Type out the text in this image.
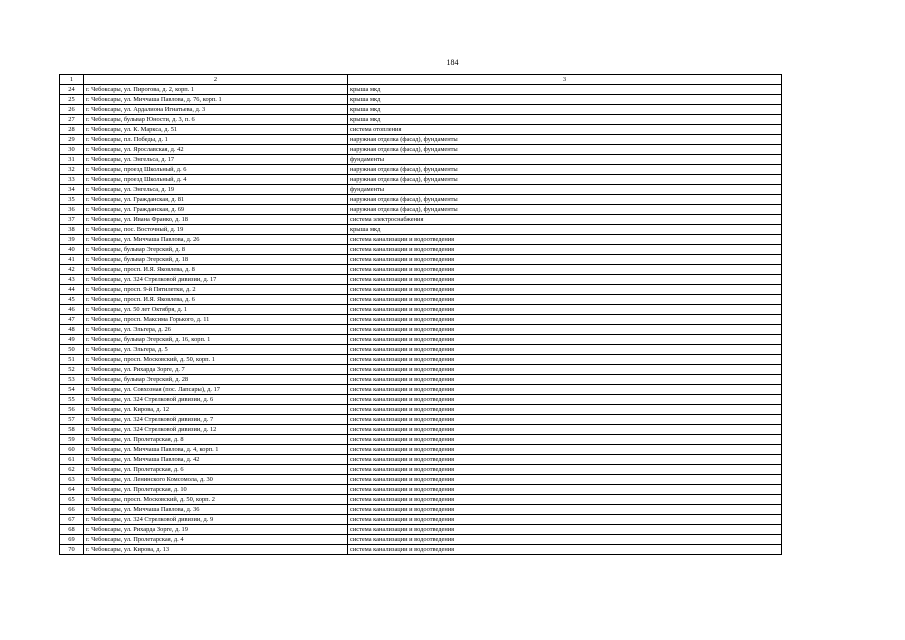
184
1	2	3
24	г. Чебоксары, ул. Пирогова, д. 2, корп. 1	крыша мкд
25	г. Чебоксары, ул. Миччаша Павлова, д. 76, корп. 1	крыша мкд
26	г. Чебоксары, ул. Ардалиона Игнатьева, д. 3	крыша мкд
27	г. Чебоксары, бульвар Юности, д. 3, п. 6	крыша мкд
28	г. Чебоксары, ул. К. Маркса, д. 51	система отопления
29	г. Чебоксары, пл. Победы, д. 1	наружная отделка (фасад), фундаменты
30	г. Чебоксары, ул. Ярославская, д. 42	наружная отделка (фасад), фундаменты
31	г. Чебоксары, ул. Энгельса, д. 17	фундаменты
32	г. Чебоксары, проезд Школьный, д. 6	наружная отделка (фасад), фундаменты
33	г. Чебоксары, проезд Школьный, д. 4	наружная отделка (фасад), фундаменты
34	г. Чебоксары, ул. Энгельса, д. 19	фундаменты
35	г. Чебоксары, ул. Гражданская, д. 81	наружная отделка (фасад), фундаменты
36	г. Чебоксары, ул. Гражданская, д. 69	наружная отделка (фасад), фундаменты
37	г. Чебоксары, ул. Ивана Франко, д. 18	система электроснабжения
38	г. Чебоксары, пос. Восточный, д. 19	крыша мкд
39	г. Чебоксары, ул. Миччаша Павлова, д. 26	система канализации и водоотведения
40	г. Чебоксары, бульвар Эгерский, д. 8	система канализации и водоотведения
41	г. Чебоксары, бульвар Эгерский, д. 18	система канализации и водоотведения
42	г. Чебоксары, просп. И.Я. Яковлева, д. 8	система канализации и водоотведения
43	г. Чебоксары, ул. 324 Стрелковой дивизии, д. 17	система канализации и водоотведения
44	г. Чебоксары, просп. 9-й Пятилетки, д. 2	система канализации и водоотведения
45	г. Чебоксары, просп. И.Я. Яковлева, д. 6	система канализации и водоотведения
46	г. Чебоксары, ул. 50 лет Октября, д. 1	система канализации и водоотведения
47	г. Чебоксары, просп. Максима Горького, д. 11	система канализации и водоотведения
48	г. Чебоксары, ул. Эльгера, д. 26	система канализации и водоотведения
49	г. Чебоксары, бульвар Эгерский, д. 16, корп. 1	система канализации и водоотведения
50	г. Чебоксары, ул. Эльгера, д. 5	система канализации и водоотведения
51	г. Чебоксары, просп. Московский, д. 50, корп. 1	система канализации и водоотведения
52	г. Чебоксары, ул. Рихарда Зорге, д. 7	система канализации и водоотведения
53	г. Чебоксары, бульвар Эгерский, д. 28	система канализации и водоотведения
54	г. Чебоксары, ул. Совхозная (пос. Лапсары), д. 17	система канализации и водоотведения
55	г. Чебоксары, ул. 324 Стрелковой дивизии, д. 6	система канализации и водоотведения
56	г. Чебоксары, ул. Кирова, д. 12	система канализации и водоотведения
57	г. Чебоксары, ул. 324 Стрелковой дивизии, д. 7	система канализации и водоотведения
58	г. Чебоксары, ул. 324 Стрелковой дивизии, д. 12	система канализации и водоотведения
59	г. Чебоксары, ул. Пролетарская, д. 8	система канализации и водоотведения
60	г. Чебоксары, ул. Миччаша Павлова, д. 4, корп. 1	система канализации и водоотведения
61	г. Чебоксары, ул. Миччаша Павлова, д. 42	система канализации и водоотведения
62	г. Чебоксары, ул. Пролетарская, д. 6	система канализации и водоотведения
63	г. Чебоксары, ул. Ленинского Комсомола, д. 30	система канализации и водоотведения
64	г. Чебоксары, ул. Пролетарская, д. 10	система канализации и водоотведения
65	г. Чебоксары, просп. Московский, д. 50, корп. 2	система канализации и водоотведения
66	г. Чебоксары, ул. Миччаша Павлова, д. 36	система канализации и водоотведения
67	г. Чебоксары, ул. 324 Стрелковой дивизии, д. 9	система канализации и водоотведения
68	г. Чебоксары, ул. Рихарда Зорге, д. 19	система канализации и водоотведения
69	г. Чебоксары, ул. Пролетарская, д. 4	система канализации и водоотведения
70	г. Чебоксары, ул. Кирова, д. 13	система канализации и водоотведения
